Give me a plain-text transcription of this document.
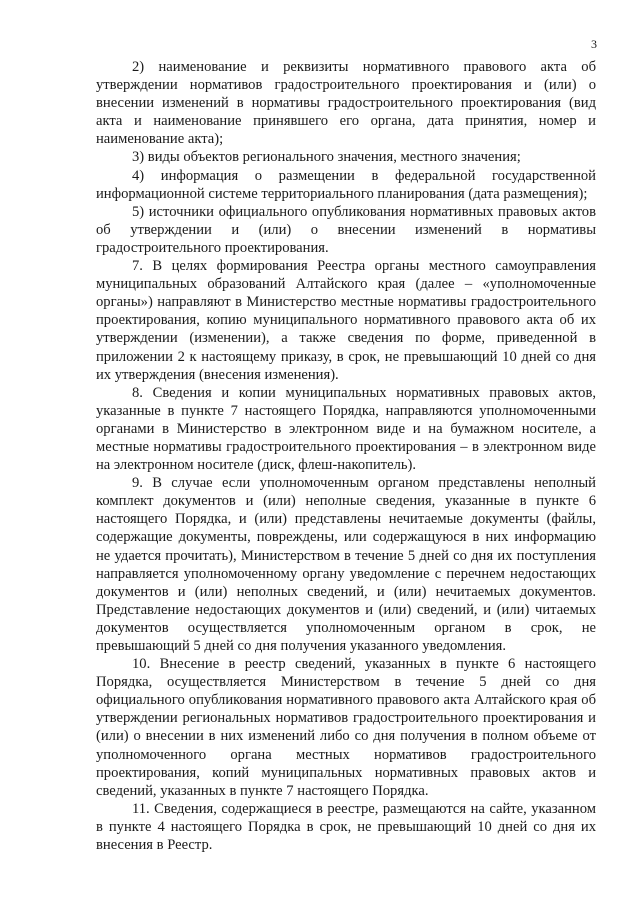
3

2) наименование и реквизиты нормативного правового акта об утверждении нормативов градостроительного проектирования и (или) о внесении изменений в нормативы градостроительного проектирования (вид акта и наименование принявшего его органа, дата принятия, номер и наименование акта);

3) виды объектов регионального значения, местного значения;

4) информация о размещении в федеральной государственной информационной системе территориального планирования (дата размещения);

5) источники официального опубликования нормативных правовых актов об утверждении и (или) о внесении изменений в нормативы градостроительного проектирования.

7. В целях формирования Реестра органы местного самоуправления муниципальных образований Алтайского края (далее – «уполномоченные органы») направляют в Министерство местные нормативы градостроительного проектирования, копию муниципального нормативного правового акта об их утверждении (изменении), а также сведения по форме, приведенной в приложении 2 к настоящему приказу, в срок, не превышающий 10 дней со дня их утверждения (внесения изменения).

8. Сведения и копии муниципальных нормативных правовых актов, указанные в пункте 7 настоящего Порядка, направляются уполномоченными органами в Министерство в электронном виде и на бумажном носителе, а местные нормативы градостроительного проектирования – в электронном виде на электронном носителе (диск, флеш-накопитель).

9. В случае если уполномоченным органом представлены неполный комплект документов и (или) неполные сведения, указанные в пункте 6 настоящего Порядка, и (или) представлены нечитаемые документы (файлы, содержащие документы, повреждены, или содержащуюся в них информацию не удается прочитать), Министерством в течение 5 дней со дня их поступления направляется уполномоченному органу уведомление с перечнем недостающих документов и (или) неполных сведений, и (или) нечитаемых документов. Представление недостающих документов и (или) сведений, и (или) читаемых документов осуществляется уполномоченным органом в срок, не превышающий 5 дней со дня получения указанного уведомления.

10. Внесение в реестр сведений, указанных в пункте 6 настоящего Порядка, осуществляется Министерством в течение 5 дней со дня официального опубликования нормативного правового акта Алтайского края об утверждении региональных нормативов градостроительного проектирования и (или) о внесении в них изменений либо со дня получения в полном объеме от уполномоченного органа местных нормативов градостроительного проектирования, копий муниципальных нормативных правовых актов и сведений, указанных в пункте 7 настоящего Порядка.

11. Сведения, содержащиеся в реестре, размещаются на сайте, указанном в пункте 4 настоящего Порядка в срок, не превышающий 10 дней со дня их внесения в Реестр.
